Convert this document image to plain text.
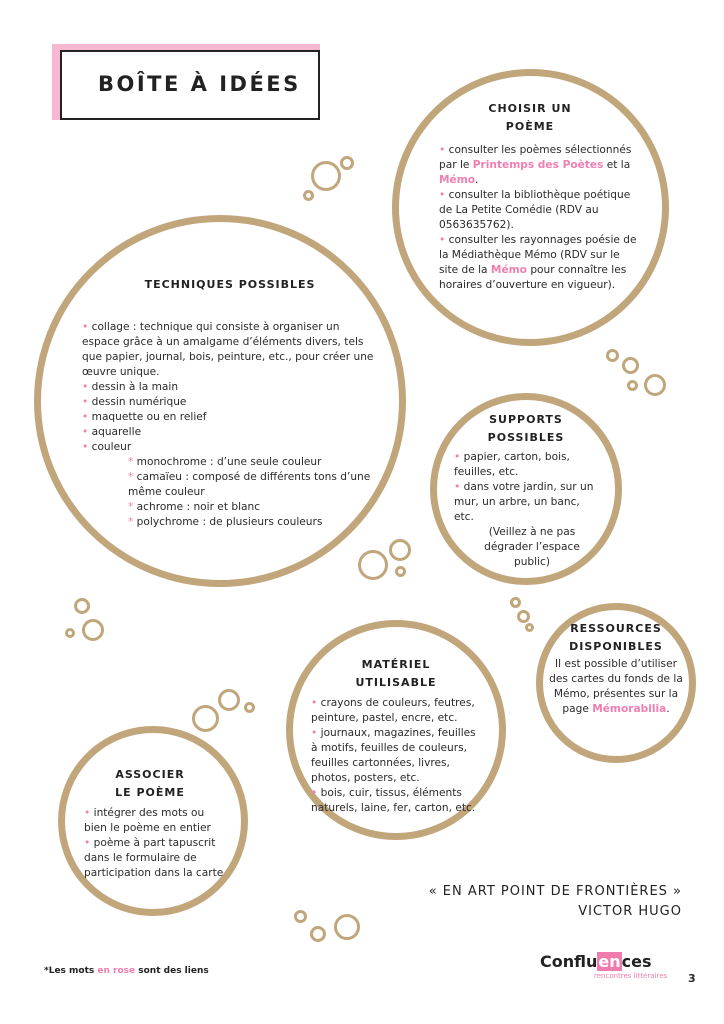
BOÎTE À IDÉES
CHOISIR UN
POÈME

• consulter les poèmes sélectionnés par le Printemps des Poètes et la Mémo.

• consulter la bibliothèque poétique de La Petite Comédie (RDV au 0563635762).

• consulter les rayonnages poésie de la Médiathèque Mémo (RDV sur le site de la Mémo pour connaître les horaires d’ouverture en vigueur).

TECHNIQUES POSSIBLES

• collage : technique qui consiste à organiser un espace grâce à un amalgame d’éléments divers, tels que papier, journal, bois, peinture, etc., pour créer une œuvre unique.

• dessin à la main

• dessin numérique

• maquette ou en relief

• aquarelle

• couleur

* monochrome : d’une seule couleur

* camaïeu : composé de différents tons d’une même couleur

* achrome : noir et blanc

* polychrome : de plusieurs couleurs

SUPPORTS
POSSIBLES

• papier, carton, bois, feuilles, etc.

• dans votre jardin, sur un mur, un arbre, un banc, etc.

(Veillez à ne pas dégrader l’espace public)

RESSOURCES
DISPONIBLES

Il est possible d’utiliser des cartes du fonds de la Mémo, présentes sur la page Mémorabilia.

MATÉRIEL
UTILISABLE

• crayons de couleurs, feutres, peinture, pastel, encre, etc.

• journaux, magazines, feuilles à motifs, feuilles de couleurs, feuilles cartonnées, livres, photos, posters, etc.

• bois, cuir, tissus, éléments naturels, laine, fer, carton, etc.

ASSOCIER
LE POÈME

• intégrer des mots ou bien le poème en entier

• poème à part tapuscrit dans le formulaire de participation dans la carte

« EN ART POINT DE FRONTIÈRES »
VICTOR HUGO
*Les mots en rose sont des liens	Confluences
rencontres littéraires 3
